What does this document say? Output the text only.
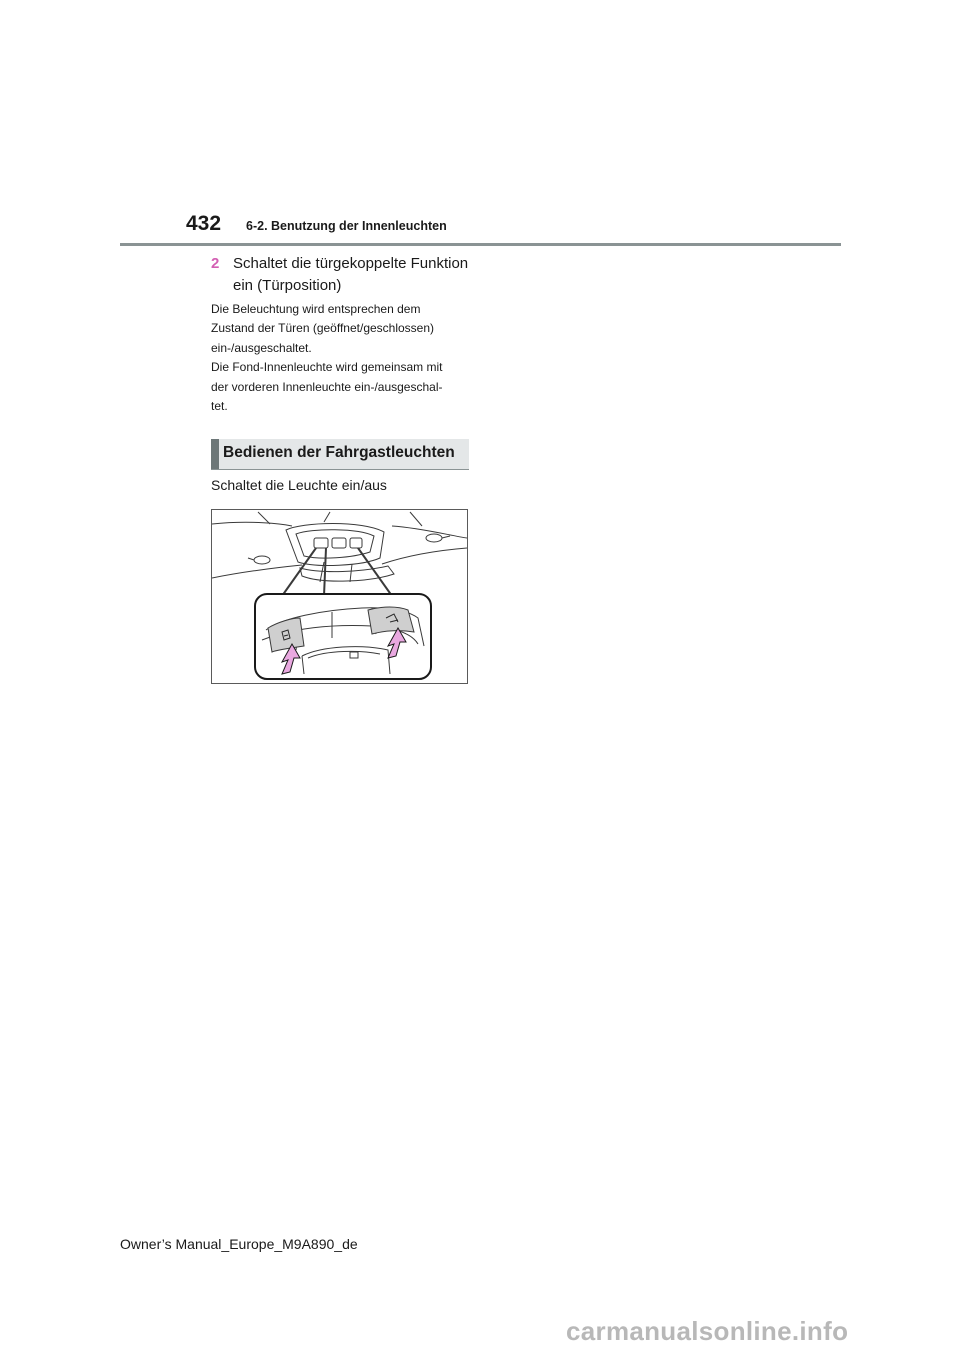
432 6-2. Benutzung der Innenleuchten
2 Schaltet die türgekoppelte Funktion ein (Türposition)
Die Beleuchtung wird entsprechen dem
Zustand der Türen (geöffnet/geschlossen)
ein-/ausgeschaltet.
Die Fond-Innenleuchte wird gemeinsam mit
der vorderen Innenleuchte ein-/ausgeschal-
tet.
Bedienen der Fahrgastleuchten
Schaltet die Leuchte ein/aus
Owner’s Manual_Europe_M9A890_de
carmanualsonline.info
